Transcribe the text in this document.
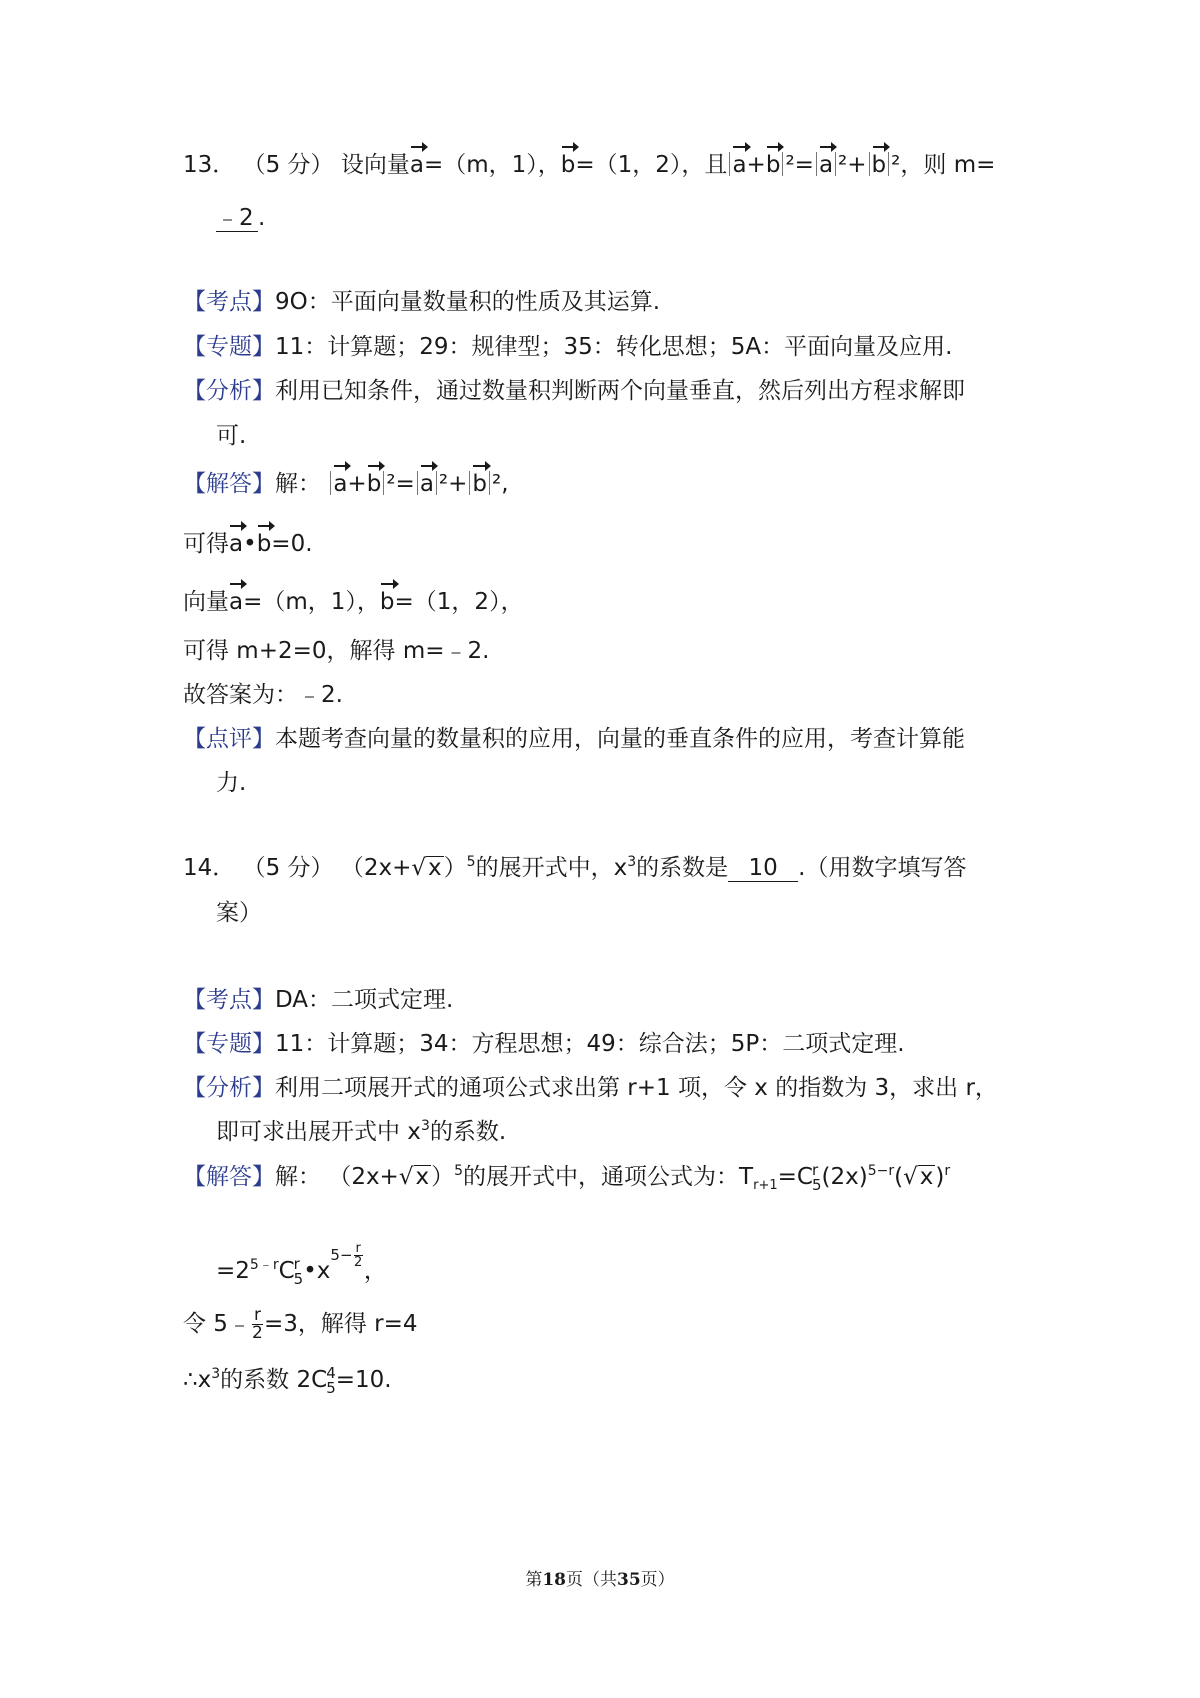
13． （5 分） 设向量a=（m，1），b=（1，2），且 a+b ²= a ²+ b ²，则 m=
﹣2 .
【考点】9O：平面向量数量积的性质及其运算.
【专题】11：计算题；29：规律型；35：转化思想；5A：平面向量及应用.
【分析】利用已知条件，通过数量积判断两个向量垂直，然后列出方程求解即
可.
【解答】解： a+b ²= a ²+ b ²,
可得a•b=0.
向量a=（m，1），b=（1，2），
可得 m+2=0，解得 m=﹣2.
故答案为：﹣2.
【点评】本题考查向量的数量积的应用，向量的垂直条件的应用，考查计算能
力.
14． （5 分） $(2x+√x)^5$的展开式中，$x^3$的系数是 10 .（用数字填写答
案）
【考点】DA：二项式定理.
【专题】11：计算题；34：方程思想；49：综合法；5P：二项式定理.
【分析】利用二项展开式的通项公式求出第 r+1 项，令 x 的指数为 3，求出 r，
即可求出展开式中 $x^3$的系数.
【解答】解： $(2x+√x)^5$的展开式中，通项公式为：$T_{r+1}=C$ r
5 $(2x)^{5-r}(√x)^r$
$=2^{5﹣r}C$ r
5 •x
$5 - \frac{r}{2}$
，
令 5﹣ $\frac{r}{2} =3$，解得 r=4
$\therefore x^3$的系数 2C 4
5 =10.
第18页（共35页）
